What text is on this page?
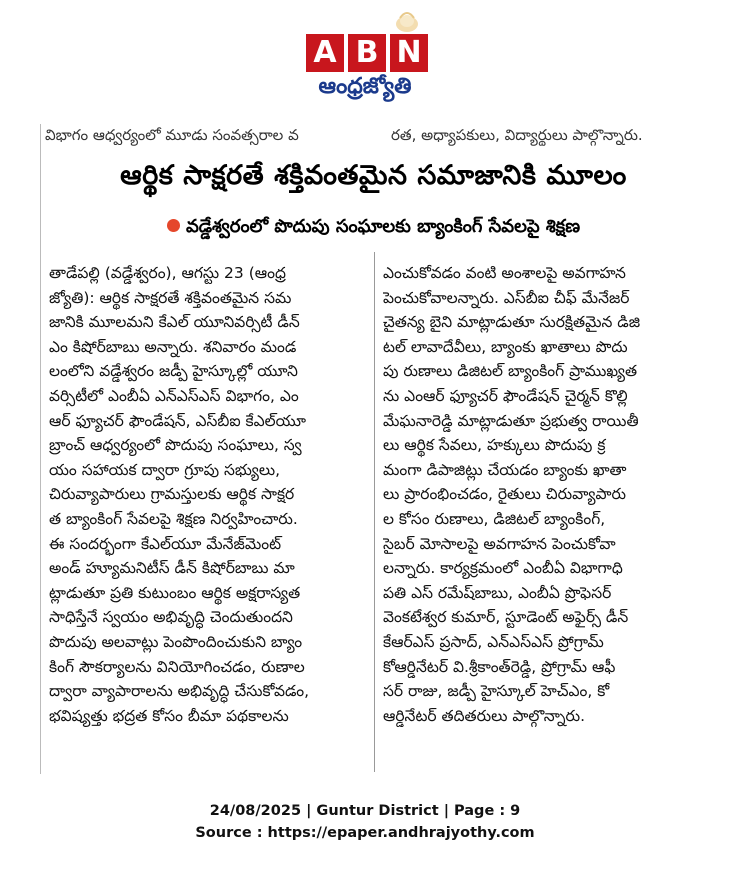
A B N
ఆంధ్రజ్యోతి
విభాగం ఆధ్వర్యంలో మూడు సంవత్సరాల వ	రత, అధ్యాపకులు, విద్యార్థులు పాల్గొన్నారు.
ఆర్థిక సాక్షరతే శక్తివంతమైన సమాజానికి మూలం
వడ్డేశ్వరంలో పొదుపు సంఘాలకు బ్యాంకింగ్ సేవలపై శిక్షణ
తాడేపల్లి (వడ్డేశ్వరం), ఆగస్టు 23 (ఆంధ్ర
జ్యోతి): ఆర్థిక సాక్షరతే శక్తివంతమైన సమ
జానికి మూలమని కేఎల్ యూనివర్సిటీ డీన్
ఎం కిషోర్‌బాబు అన్నారు. శనివారం మండ
లంలోని వడ్డేశ్వరం జడ్పీ హైస్కూల్లో యూని
వర్సిటీలో ఎంబీఏ ఎన్ఎస్ఎస్ విభాగం, ఎం
ఆర్ ఫ్యూచర్ ఫౌండేషన్, ఎస్‌బీఐ కేఎల్‌యూ
బ్రాంచ్ ఆధ్వర్యంలో పొదుపు సంఘాలు, స్వ
యం సహాయక ద్వారా గ్రూపు సభ్యులు,
చిరువ్యాపారులు గ్రామస్తులకు ఆర్థిక సాక్షర
త బ్యాంకింగ్ సేవలపై శిక్షణ నిర్వహించారు.
ఈ సందర్భంగా కేఎల్‌యూ మేనేజ్‌మెంట్
అండ్ హ్యూమనిటీస్ డీన్ కిషోర్‌బాబు మా
ట్లాడుతూ ప్రతి కుటుంబం ఆర్థిక అక్షరాస్యత
సాధిస్తేనే స్వయం అభివృద్ధి చెందుతుందని
పొదుపు అలవాట్లు పెంపొందించుకుని బ్యాం
కింగ్ సౌకర్యాలను వినియోగించడం, రుణాల
ద్వారా వ్యాపారాలను అభివృద్ధి చేసుకోవడం,
భవిష్యత్తు భద్రత కోసం బీమా పథకాలను
ఎంచుకోవడం వంటి అంశాలపై అవగాహన
పెంచుకోవాలన్నారు. ఎస్‌బీఐ చీఫ్ మేనేజర్
చైతన్య బైని మాట్లాడుతూ సురక్షితమైన డిజి
టల్ లావాదేవీలు, బ్యాంకు ఖాతాలు పొదు
పు రుణాలు డిజిటల్ బ్యాంకింగ్ ప్రాముఖ్యత
ను ఎంఆర్ ఫ్యూచర్ ఫౌండేషన్ చైర్మన్ కొల్లి
మేఘనారెడ్డి మాట్లాడుతూ ప్రభుత్వ రాయితీ
లు ఆర్థిక సేవలు, హక్కులు పొదుపు క్ర
మంగా డిపాజిట్లు చేయడం బ్యాంకు ఖాతా
లు ప్రారంభించడం, రైతులు చిరువ్యాపారు
ల కోసం రుణాలు, డిజిటల్ బ్యాంకింగ్,
సైబర్ మోసాలపై అవగాహన పెంచుకోవా
లన్నారు. కార్యక్రమంలో ఎంబీఏ విభాగాధి
పతి ఎస్ రమేష్‌బాబు, ఎంబీఏ ప్రొఫెసర్
వెంకటేశ్వర కుమార్, స్టూడెంట్ అఫైర్స్ డీన్
కేఆర్ఎస్ ప్రసాద్, ఎన్ఎస్ఎస్ ప్రోగ్రామ్
కోఆర్డినేటర్ వి.శ్రీకాంత్‌రెడ్డి, ప్రోగ్రామ్ ఆఫీ
సర్ రాజు, జడ్పీ హైస్కూల్ హెచ్ఎం, కో
ఆర్డినేటర్ తదితరులు పాల్గొన్నారు.
24/08/2025 | Guntur District | Page : 9
Source : https://epaper.andhrajyothy.com
